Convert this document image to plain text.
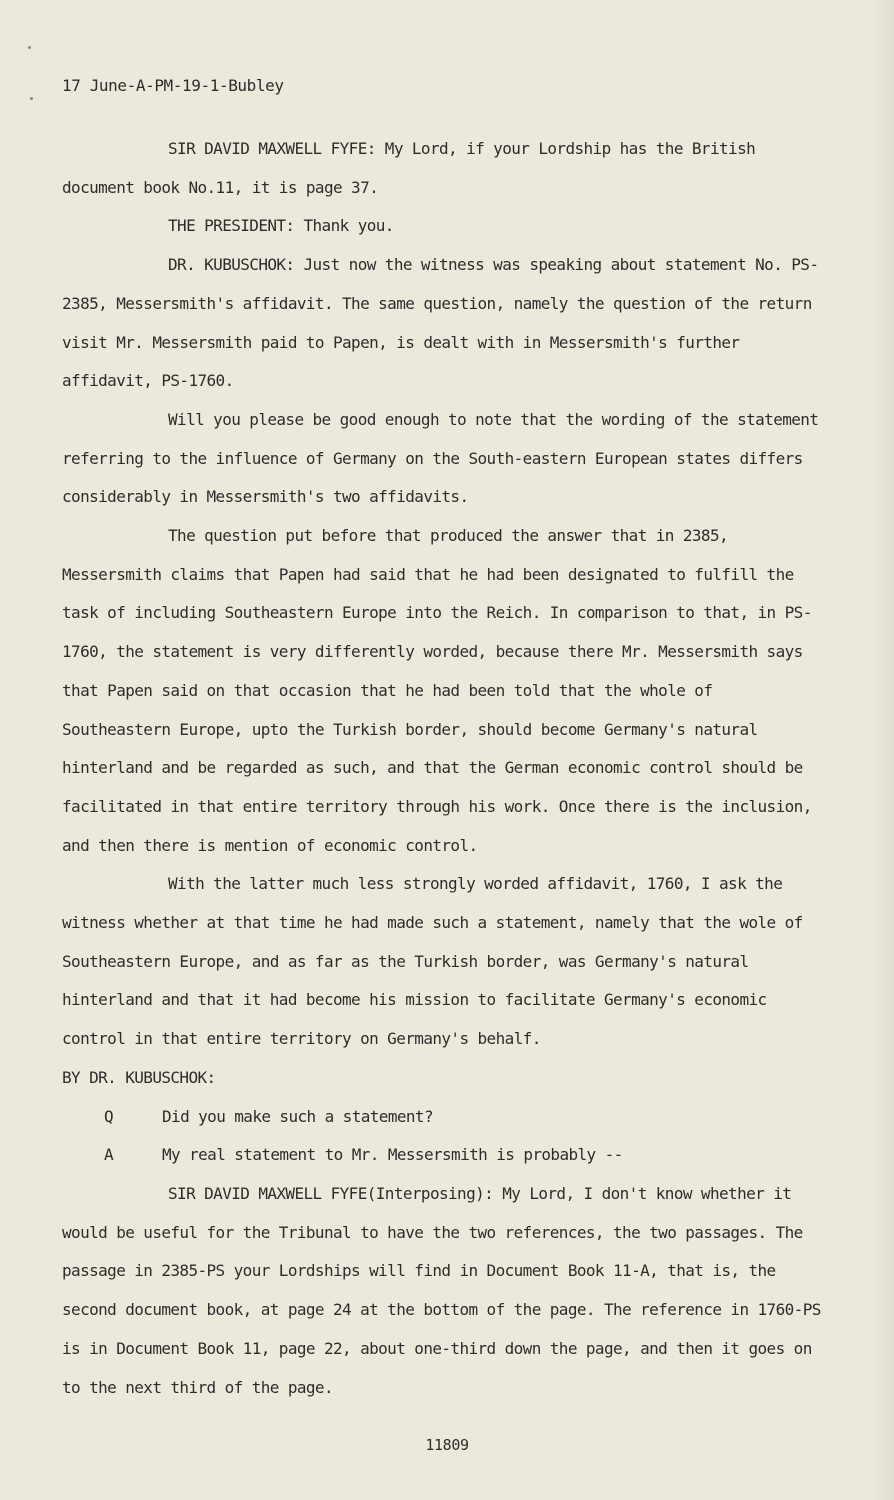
17 June-A-PM-19-1-Bubley

SIR DAVID MAXWELL FYFE: My Lord, if your Lordship has the British document book No.11, it is page 37.

THE PRESIDENT: Thank you.

DR. KUBUSCHOK: Just now the witness was speaking about statement No. PS-2385, Messersmith's affidavit. The same question, namely the question of the return visit Mr. Messersmith paid to Papen, is dealt with in Messersmith's further affidavit, PS-1760.

Will you please be good enough to note that the wording of the statement referring to the influence of Germany on the South-eastern European states differs considerably in Messersmith's two affidavits.

The question put before that produced the answer that in 2385, Messersmith claims that Papen had said that he had been designated to fulfill the task of including Southeastern Europe into the Reich. In comparison to that, in PS-1760, the statement is very differently worded, because there Mr. Messersmith says that Papen said on that occasion that he had been told that the whole of Southeastern Europe, upto the Turkish border, should become Germany's natural hinterland and be regarded as such, and that the German economic control should be facilitated in that entire territory through his work. Once there is the inclusion, and then there is mention of economic control.

With the latter much less strongly worded affidavit, 1760, I ask the witness whether at that time he had made such a statement, namely that the wole of Southeastern Europe, and as far as the Turkish border, was Germany's natural hinterland and that it had become his mission to facilitate Germany's economic control in that entire territory on Germany's behalf.

BY DR. KUBUSCHOK:

Q	Did you make such a statement?

A	My real statement to Mr. Messersmith is probably --

SIR DAVID MAXWELL FYFE(Interposing): My Lord, I don't know whether it would be useful for the Tribunal to have the two references, the two passages. The passage in 2385-PS your Lordships will find in Document Book 11-A, that is, the second document book, at page 24 at the bottom of the page. The reference in 1760-PS is in Document Book 11, page 22, about one-third down the page, and then it goes on to the next third of the page.

11809
